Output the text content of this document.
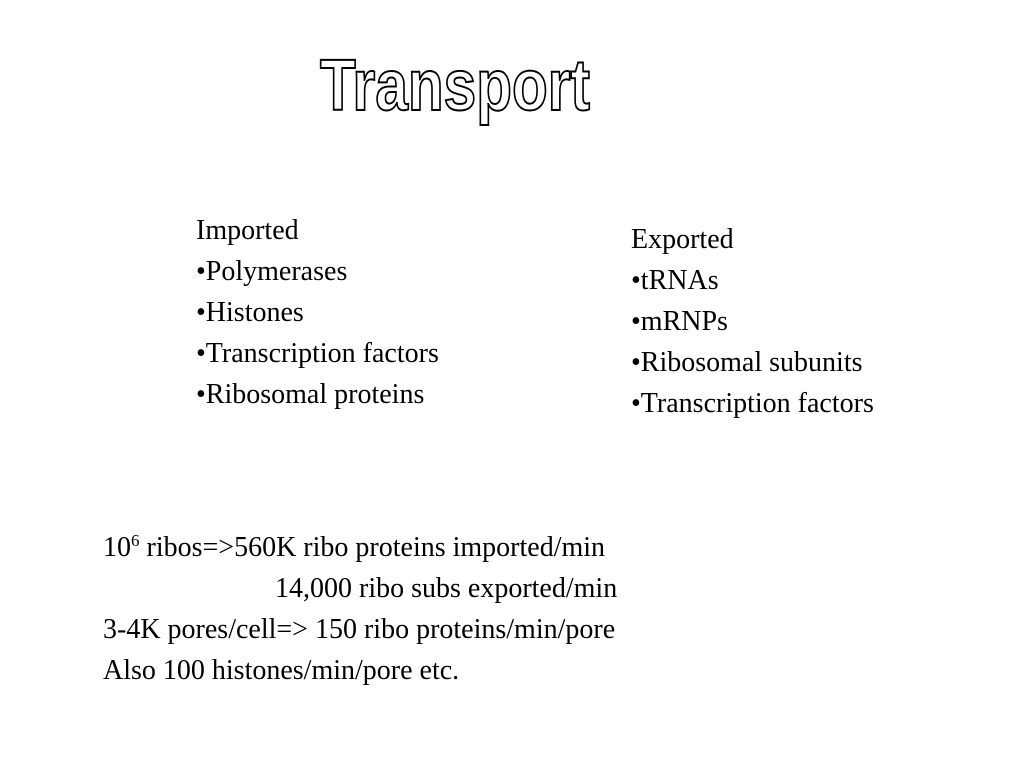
Transport
Imported
•Polymerases
•Histones
•Transcription factors
•Ribosomal proteins
Exported
•tRNAs
•mRNPs
•Ribosomal subunits
•Transcription factors
$10^6$ ribos=>560K ribo proteins imported/min
14,000 ribo subs exported/min
3-4K pores/cell=> 150 ribo proteins/min/pore
Also 100 histones/min/pore etc.
